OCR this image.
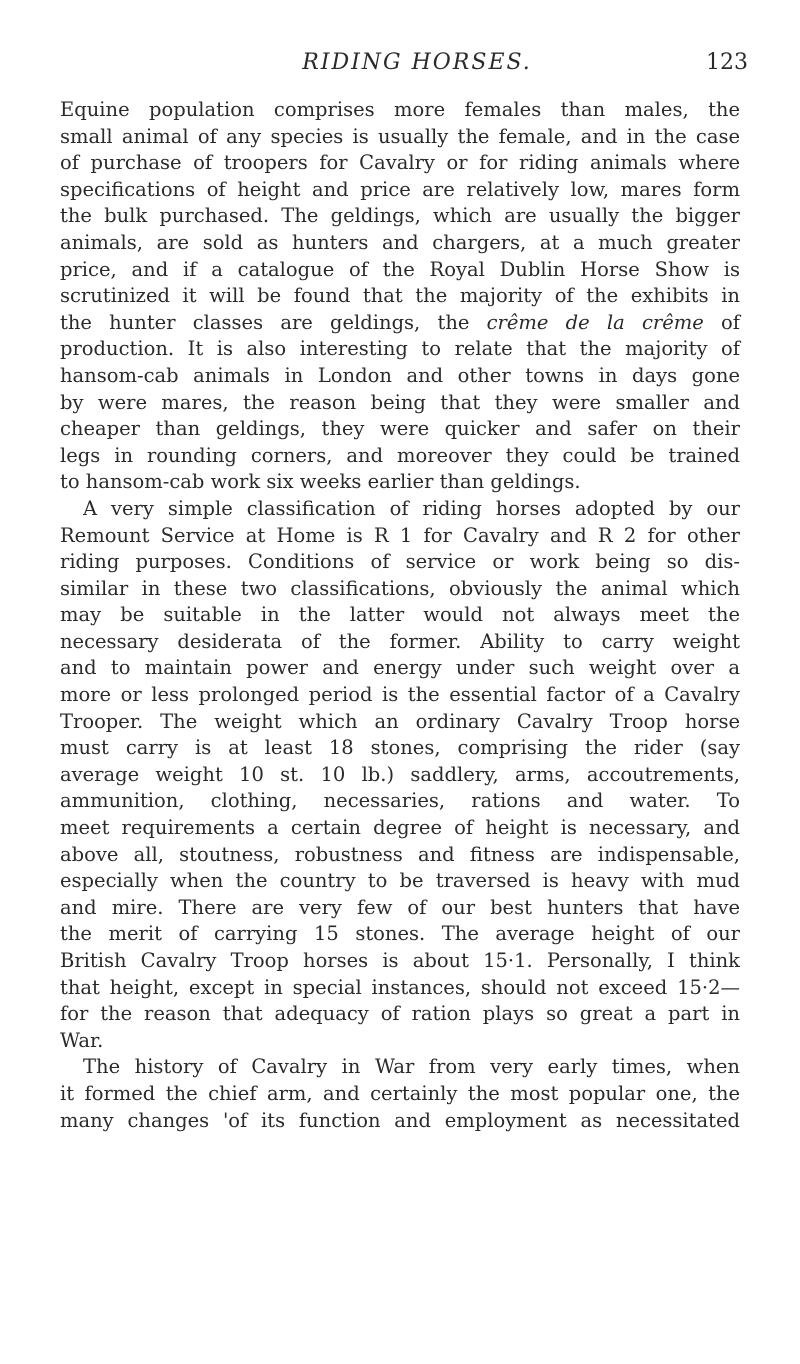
RIDING HORSES.	123
Equine population comprises more females than males, the
small animal of any species is usually the female, and in the case
of purchase of troopers for Cavalry or for riding animals where
specifications of height and price are relatively low, mares form
the bulk purchased. The geldings, which are usually the bigger
animals, are sold as hunters and chargers, at a much greater
price, and if a catalogue of the Royal Dublin Horse Show is
scrutinized it will be found that the majority of the exhibits in
the hunter classes are geldings, the crême de la crême of
production. It is also interesting to relate that the majority of
hansom-cab animals in London and other towns in days gone
by were mares, the reason being that they were smaller and
cheaper than geldings, they were quicker and safer on their
legs in rounding corners, and moreover they could be trained
to hansom-cab work six weeks earlier than geldings.
A very simple classification of riding horses adopted by our
Remount Service at Home is R 1 for Cavalry and R 2 for other
riding purposes. Conditions of service or work being so dis-
similar in these two classifications, obviously the animal which
may be suitable in the latter would not always meet the
necessary desiderata of the former. Ability to carry weight
and to maintain power and energy under such weight over a
more or less prolonged period is the essential factor of a Cavalry
Trooper. The weight which an ordinary Cavalry Troop horse
must carry is at least 18 stones, comprising the rider (say
average weight 10 st. 10 lb.) saddlery, arms, accoutrements,
ammunition, clothing, necessaries, rations and water. To
meet requirements a certain degree of height is necessary, and
above all, stoutness, robustness and fitness are indispensable,
especially when the country to be traversed is heavy with mud
and mire. There are very few of our best hunters that have
the merit of carrying 15 stones. The average height of our
British Cavalry Troop horses is about 15·1. Personally, I think
that height, except in special instances, should not exceed 15·2—
for the reason that adequacy of ration plays so great a part in
War.
The history of Cavalry in War from very early times, when
it formed the chief arm, and certainly the most popular one, the
many changes 'of its function and employment as necessitated
